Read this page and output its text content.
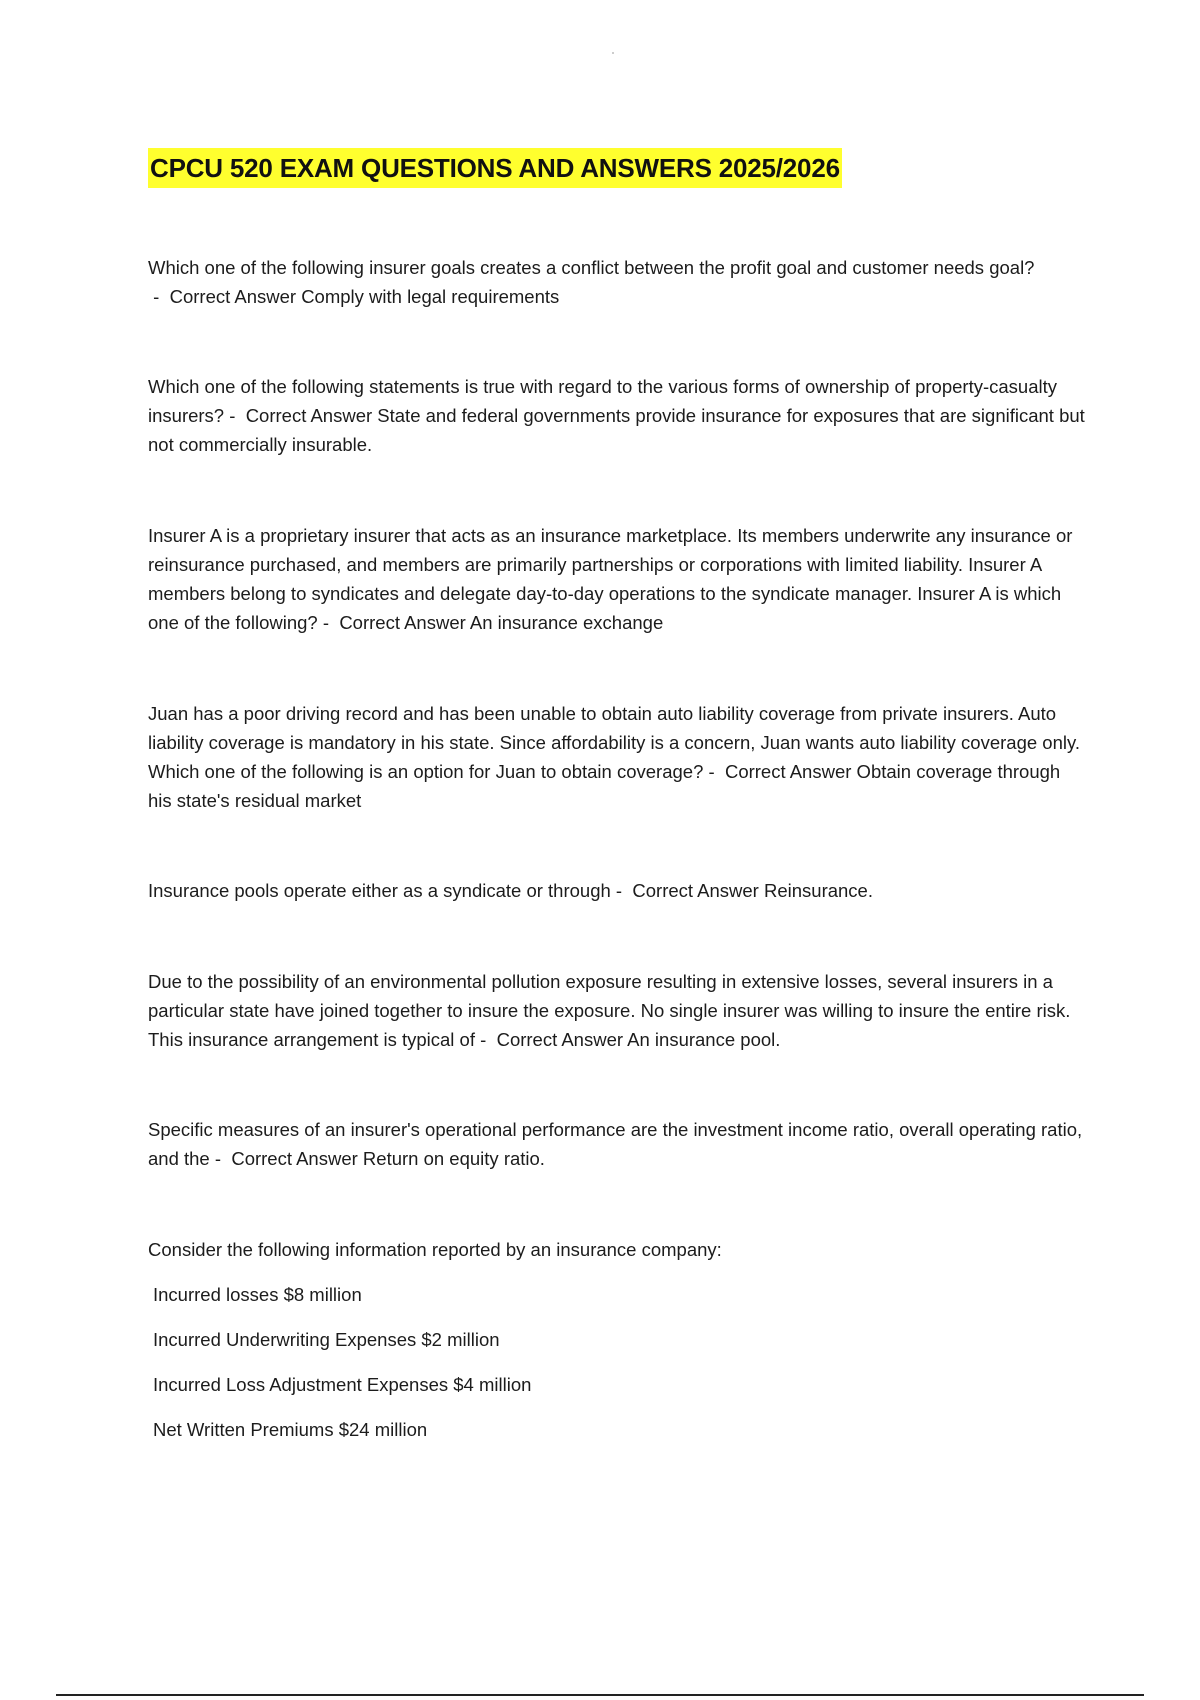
CPCU 520 EXAM QUESTIONS AND ANSWERS 2025/2026

Which one of the following insurer goals creates a conflict between the profit goal and customer needs goal? -  Correct Answer Comply with legal requirements

Which one of the following statements is true with regard to the various forms of ownership of property-casualty insurers? -  Correct Answer State and federal governments provide insurance for exposures that are significant but not commercially insurable.

Insurer A is a proprietary insurer that acts as an insurance marketplace. Its members underwrite any insurance or reinsurance purchased, and members are primarily partnerships or corporations with limited liability. Insurer A members belong to syndicates and delegate day-to-day operations to the syndicate manager. Insurer A is which one of the following? -  Correct Answer An insurance exchange

Juan has a poor driving record and has been unable to obtain auto liability coverage from private insurers. Auto liability coverage is mandatory in his state. Since affordability is a concern, Juan wants auto liability coverage only. Which one of the following is an option for Juan to obtain coverage? -  Correct Answer Obtain coverage through his state's residual market

Insurance pools operate either as a syndicate or through -  Correct Answer Reinsurance.

Due to the possibility of an environmental pollution exposure resulting in extensive losses, several insurers in a particular state have joined together to insure the exposure. No single insurer was willing to insure the entire risk. This insurance arrangement is typical of -  Correct Answer An insurance pool.

Specific measures of an insurer's operational performance are the investment income ratio, overall operating ratio, and the -  Correct Answer Return on equity ratio.

Consider the following information reported by an insurance company:

Incurred losses $8 million

Incurred Underwriting Expenses $2 million

Incurred Loss Adjustment Expenses $4 million

Net Written Premiums $24 million
